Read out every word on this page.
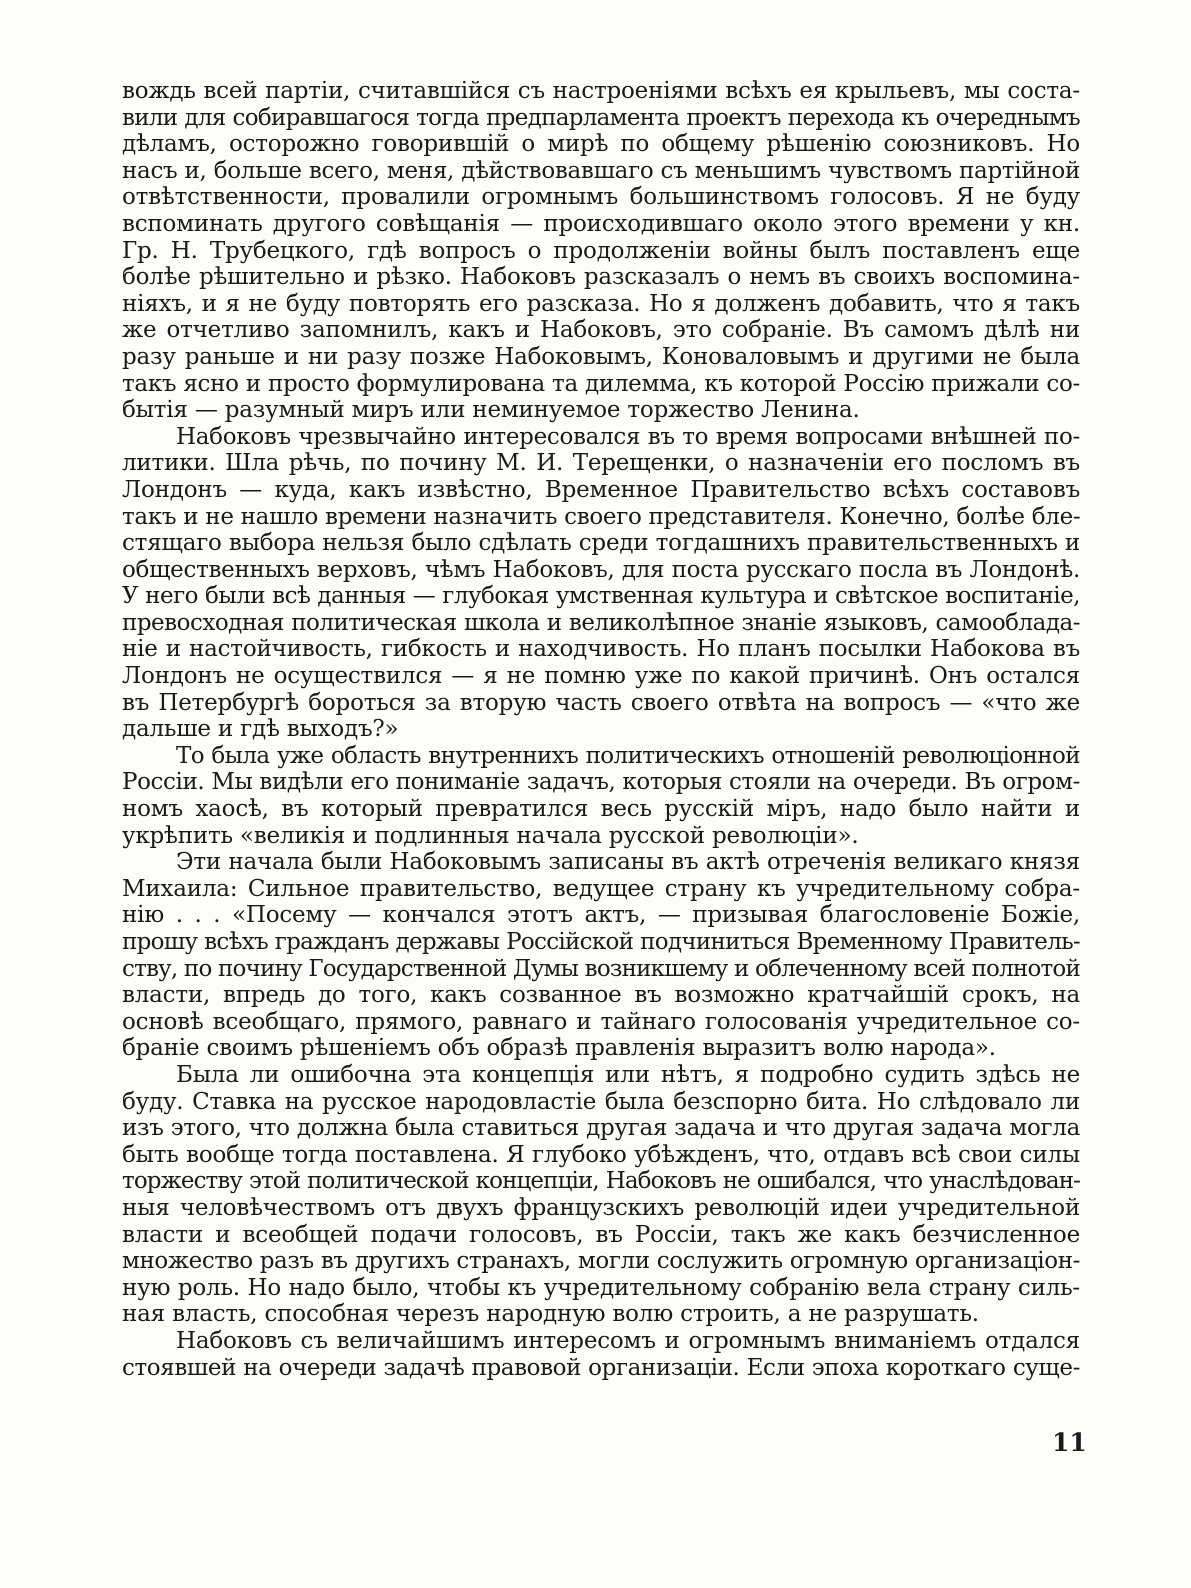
вождь всей партіи, считавшійся съ настроеніями всѣхъ ея крыльевъ, мы соста-
вили для собиравшагося тогда предпарламента проектъ перехода къ очереднымъ
дѣламъ, осторожно говорившій о мирѣ по общему рѣшенію союзниковъ. Но
насъ и, больше всего, меня, дѣйствовавшаго съ меньшимъ чувствомъ партійной
отвѣтственности, провалили огромнымъ большинствомъ голосовъ. Я не буду
вспоминать другого совѣщанія — происходившаго около этого времени у кн.
Гр. Н. Трубецкого, гдѣ вопросъ о продолженіи войны былъ поставленъ еще
болѣе рѣшительно и рѣзко. Набоковъ разсказалъ о немъ въ своихъ воспомина-
ніяхъ, и я не буду повторять его разсказа. Но я долженъ добавить, что я такъ
же отчетливо запомнилъ, какъ и Набоковъ, это собраніе. Въ самомъ дѣлѣ ни
разу раньше и ни разу позже Набоковымъ, Коноваловымъ и другими не была
такъ ясно и просто формулирована та дилемма, къ которой Россію прижали со-
бытія — разумный миръ или неминуемое торжество Ленина.
Набоковъ чрезвычайно интересовался въ то время вопросами внѣшней по-
литики. Шла рѣчь, по почину М. И. Терещенки, о назначеніи его посломъ въ
Лондонъ — куда, какъ извѣстно, Временное Правительство всѣхъ составовъ
такъ и не нашло времени назначить своего представителя. Конечно, болѣе бле-
стящаго выбора нельзя было сдѣлать среди тогдашнихъ правительственныхъ и
общественныхъ верховъ, чѣмъ Набоковъ, для поста русскаго посла въ Лондонѣ.
У него были всѣ данныя — глубокая умственная культура и свѣтское воспитаніе,
превосходная политическая школа и великолѣпное знаніе языковъ, самооблада-
ніе и настойчивость, гибкость и находчивость. Но планъ посылки Набокова въ
Лондонъ не осуществился — я не помню уже по какой причинѣ. Онъ остался
въ Петербургѣ бороться за вторую часть своего отвѣта на вопросъ — «что же
дальше и гдѣ выходъ?»
То была уже область внутреннихъ политическихъ отношеній революціонной
Россіи. Мы видѣли его пониманіе задачъ, которыя стояли на очереди. Въ огром-
номъ хаосѣ, въ который превратился весь русскій міръ, надо было найти и
укрѣпить «великія и подлинныя начала русской революціи».
Эти начала были Набоковымъ записаны въ актѣ отреченія великаго князя
Михаила: Сильное правительство, ведущее страну къ учредительному собра-
нію . . . «Посему — кончался этотъ актъ, — призывая благословеніе Божіе,
прошу всѣхъ гражданъ державы Россійской подчиниться Временному Правитель-
ству, по почину Государственной Думы возникшему и облеченному всей полнотой
власти, впредь до того, какъ созванное въ возможно кратчайшій срокъ, на
основѣ всеобщаго, прямого, равнаго и тайнаго голосованія учредительное со-
браніе своимъ рѣшеніемъ объ образѣ правленія выразитъ волю народа».
Была ли ошибочна эта концепція или нѣтъ, я подробно судить здѣсь не
буду. Ставка на русское народовластіе была безспорно бита. Но слѣдовало ли
изъ этого, что должна была ставиться другая задача и что другая задача могла
быть вообще тогда поставлена. Я глубоко убѣжденъ, что, отдавъ всѣ свои силы
торжеству этой политической концепціи, Набоковъ не ошибался, что унаслѣдован-
ныя человѣчествомъ отъ двухъ французскихъ революцій идеи учредительной
власти и всеобщей подачи голосовъ, въ Россіи, такъ же какъ безчисленное
множество разъ въ другихъ странахъ, могли сослужить огромную организаціон-
ную роль. Но надо было, чтобы къ учредительному собранію вела страну силь-
ная власть, способная черезъ народную волю строить, а не разрушать.
Набоковъ съ величайшимъ интересомъ и огромнымъ вниманіемъ отдался
стоявшей на очереди задачѣ правовой организаціи. Если эпоха короткаго суще-
11
